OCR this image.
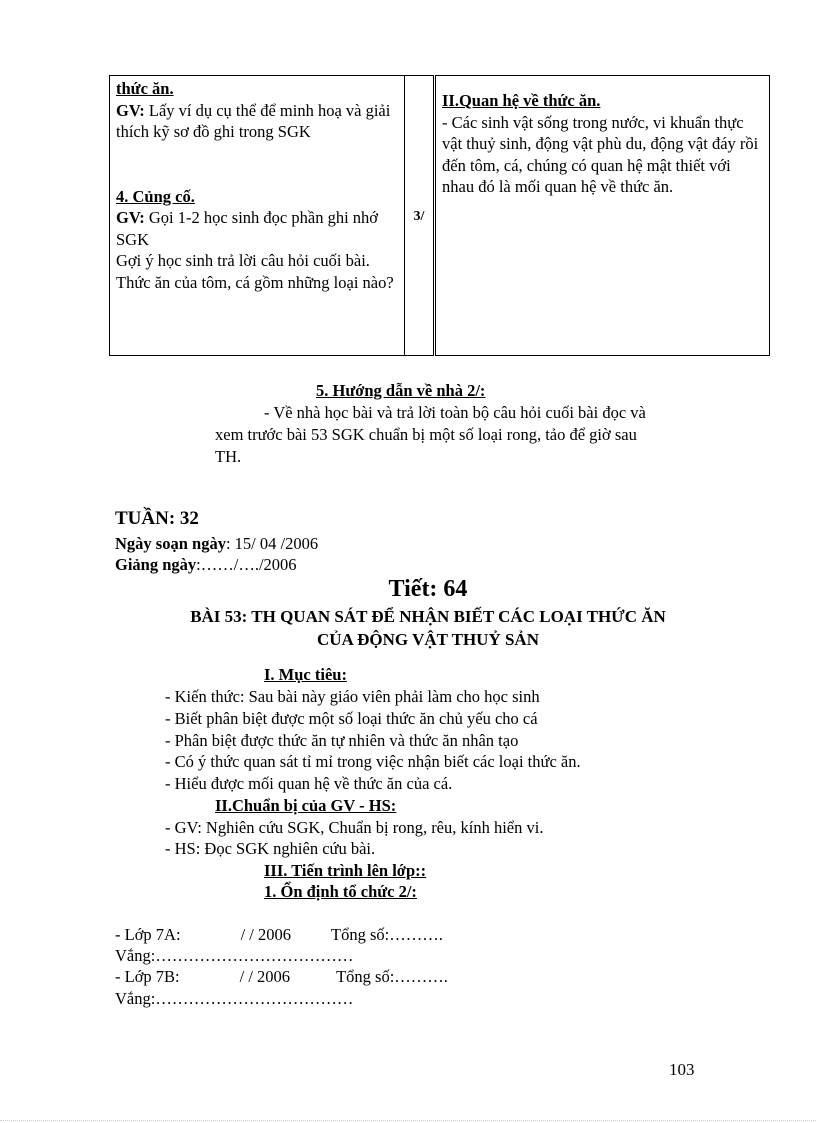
thức ăn.
GV: Lấy ví dụ cụ thể để minh hoạ và giải thích kỹ sơ đồ ghi trong SGK
4. Củng cố.
GV: Gọi 1-2 học sinh đọc phần ghi nhớ SGK
Gợi ý học sinh trả lời câu hỏi cuối bài.
Thức ăn của tôm, cá gồm những loại nào?
	3/	
II.Quan hệ về thức ăn.
- Các sinh vật sống trong nước, vi khuẩn thực vật thuỷ sinh, động vật phù du, động vật đáy rồi đến tôm, cá, chúng có quan hệ mật thiết với nhau đó là mối quan hệ về thức ăn.
5. Hướng dẫn về nhà 2/:
- Về nhà học bài và trả lời toàn bộ câu hỏi cuối bài đọc và
xem trước bài 53 SGK chuẩn bị một số loại rong, tảo để giờ sau
TH.
TUẦN: 32
Ngày soạn ngày: 15/ 04 /2006
Giảng ngày:……/…./2006
Tiết: 64
BÀI 53: TH QUAN SÁT ĐỂ NHẬN BIẾT CÁC LOẠI THỨC ĂN
CỦA ĐỘNG VẬT THUỶ SẢN
I. Mục tiêu:
- Kiến thức: Sau bài này giáo viên phải làm cho học sinh
- Biết phân biệt được một số loại thức ăn chủ yếu cho cá
- Phân biệt được thức ăn tự nhiên và thức ăn nhân tạo
- Có ý thức quan sát tỉ mỉ trong việc nhận biết các loại thức ăn.
- Hiểu được mối quan hệ về thức ăn của cá.
II.Chuẩn bị của GV - HS:
- GV: Nghiên cứu SGK, Chuẩn bị rong, rêu, kính hiển vi.
- HS: Đọc SGK nghiên cứu bài.
III. Tiến trình lên lớp::
1. Ổn định tổ chức 2/:
- Lớp 7A:	/ / 2006 Tổng số:……….
Vắng:………………………………
- Lớp 7B:	/ / 2006	Tổng số:……….
Vắng:………………………………
103
